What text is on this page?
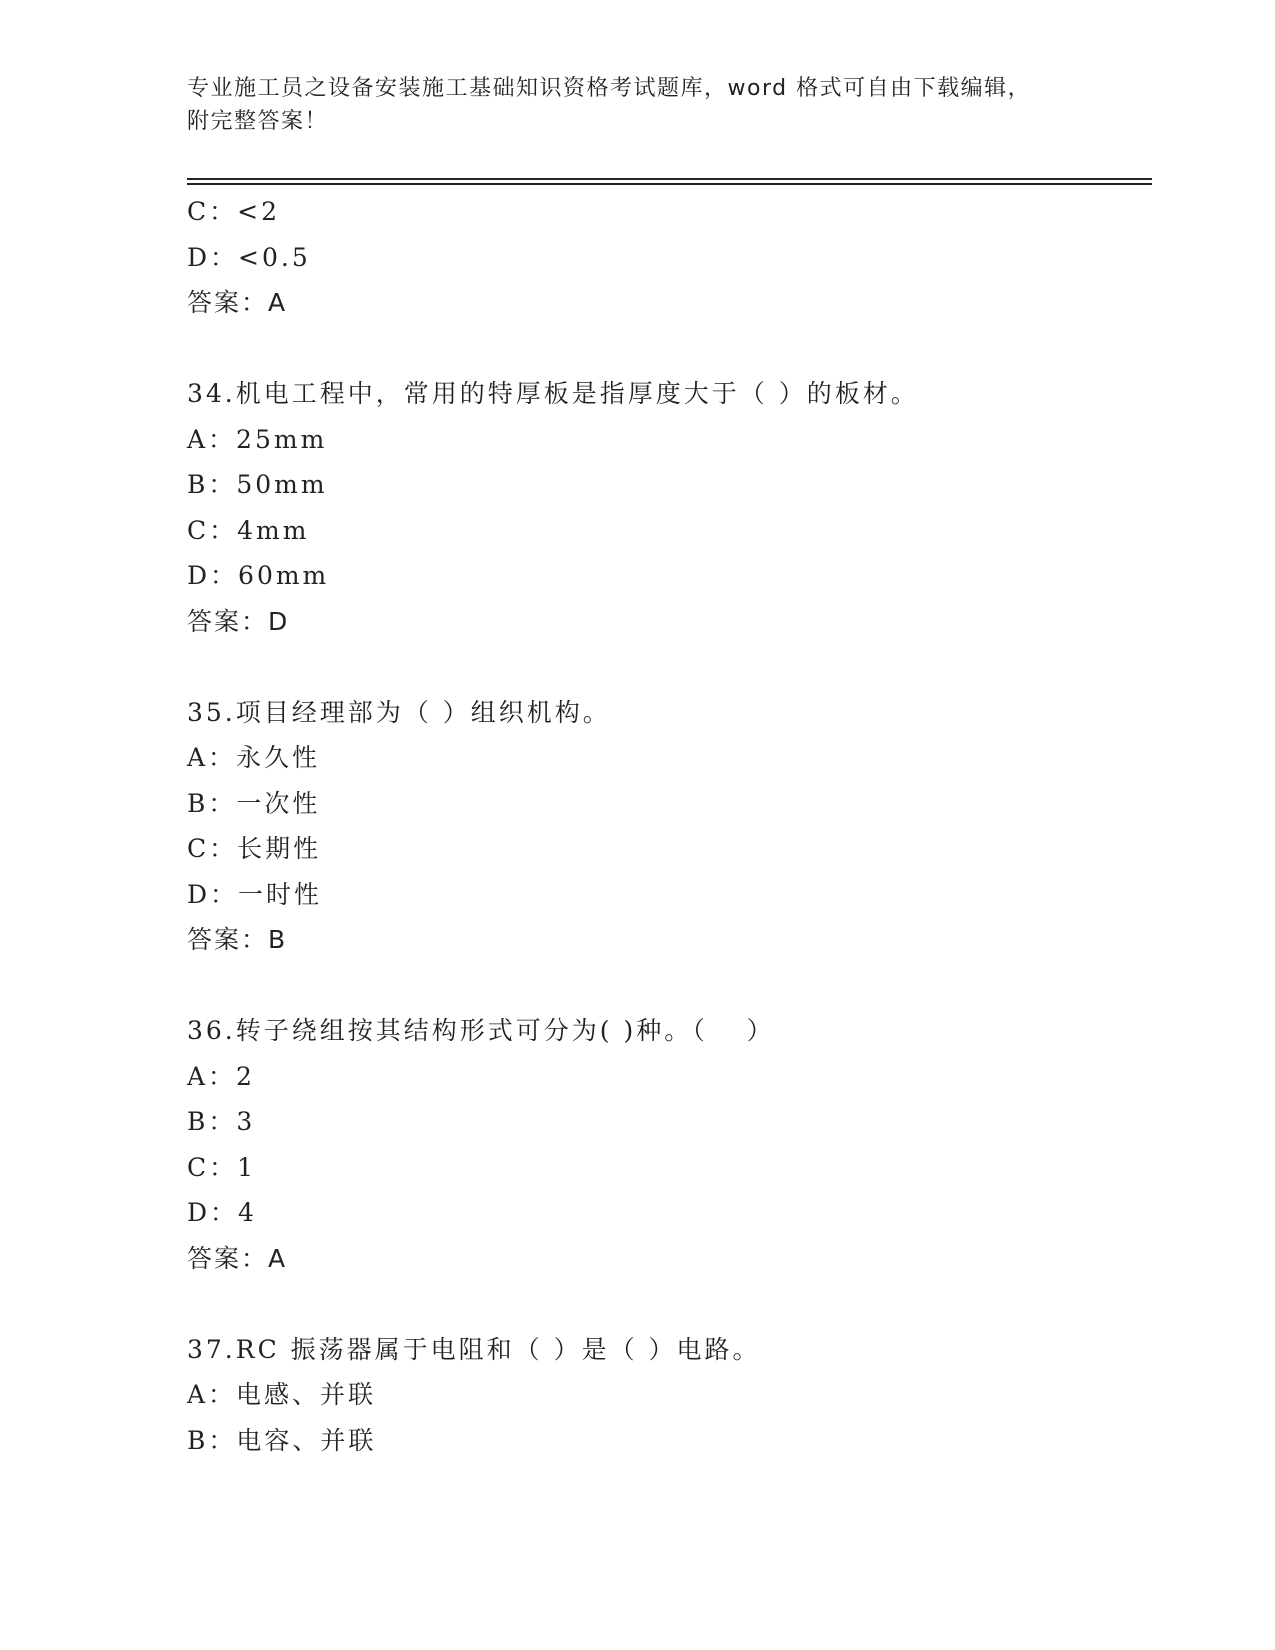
专业施工员之设备安装施工基础知识资格考试题库，word 格式可自由下载编辑，
附完整答案！
C：<2
D：<0.5
答案：A
34.机电工程中，常用的特厚板是指厚度大于（ ）的板材。
A：25mm
B：50mm
C：4mm
D：60mm
答案：D
35.项目经理部为（ ）组织机构。
A：永久性
B：一次性
C：长期性
D：一时性
答案：B
36.转子绕组按其结构形式可分为( )种。（　 ）
A：2
B：3
C：1
D：4
答案：A
37.RC 振荡器属于电阻和（ ）是（ ）电路。
A：电感、并联
B：电容、并联
